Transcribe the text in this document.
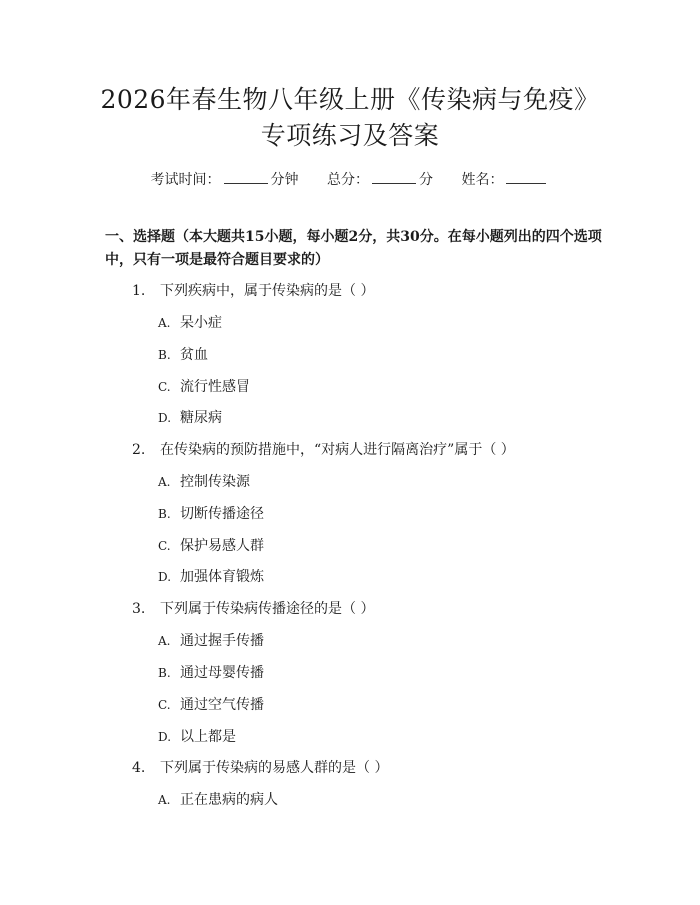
2026年春生物八年级上册《传染病与免疫》
专项练习及答案
考试时间：	分钟 总分：	分 姓名：

一、选择题（本大题共15小题，每小题2分，共30分。在每小题列出的四个选项中，只有一项是最符合题目要求的）

1. 下列疾病中，属于传染病的是（ ）
A. 呆小症
B. 贫血
C. 流行性感冒
D. 糖尿病
2. 在传染病的预防措施中，“对病人进行隔离治疗”属于（ ）
A. 控制传染源
B. 切断传播途径
C. 保护易感人群
D. 加强体育锻炼
3. 下列属于传染病传播途径的是（ ）
A. 通过握手传播
B. 通过母婴传播
C. 通过空气传播
D. 以上都是
4. 下列属于传染病的易感人群的是（ ）
A. 正在患病的病人
